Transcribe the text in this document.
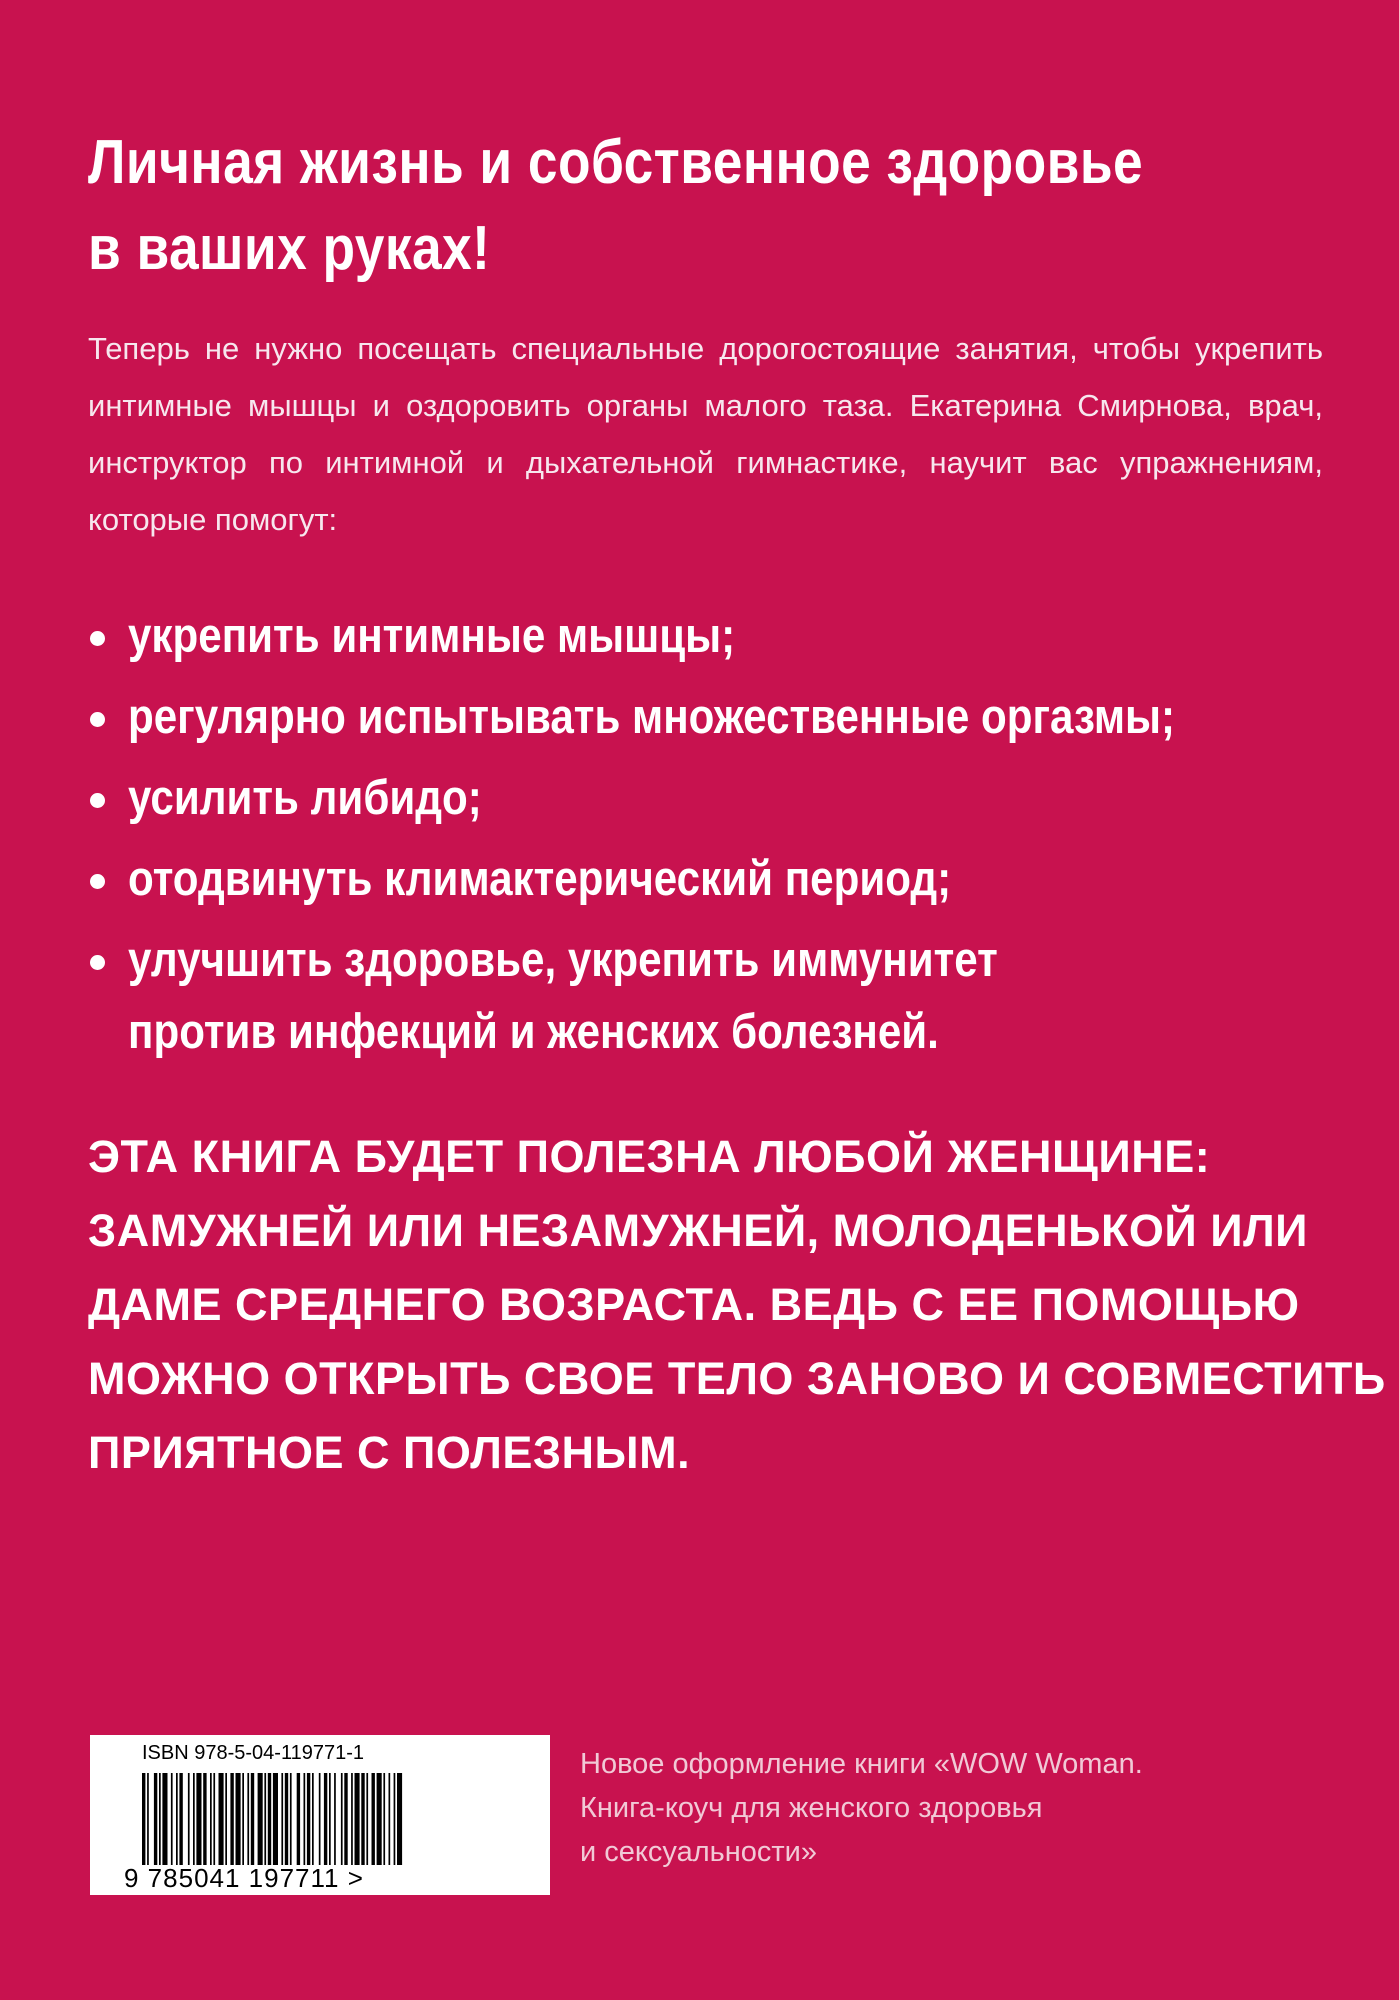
Личная жизнь и собственное здоровье
в ваших руках!

Теперь не нужно посещать специальные дорогостоящие занятия, чтобы укрепить интимные мышцы и оздоровить органы малого таза. Екатерина Смирнова, врач, инструктор по интимной и дыхательной гимнастике, научит вас упражнениям, которые помогут:

укрепить интимные мышцы;
регулярно испытывать множественные оргазмы;
усилить либидо;
отодвинуть климактерический период;
улучшить здоровье, укрепить иммунитет
против инфекций и женских болезней.

ЭТА КНИГА БУДЕТ ПОЛЕЗНА ЛЮБОЙ ЖЕНЩИНЕ:
ЗАМУЖНЕЙ ИЛИ НЕЗАМУЖНЕЙ, МОЛОДЕНЬКОЙ ИЛИ
ДАМЕ СРЕДНЕГО ВОЗРАСТА. ВЕДЬ С ЕЕ ПОМОЩЬЮ
МОЖНО ОТКРЫТЬ СВОЕ ТЕЛО ЗАНОВО И СОВМЕСТИТЬ
ПРИЯТНОЕ С ПОЛЕЗНЫМ.

ISBN 978-5-04-119771-1
9 785041 197711 >

Новое оформление книги «WOW Woman.
Книга-коуч для женского здоровья
и сексуальности»
